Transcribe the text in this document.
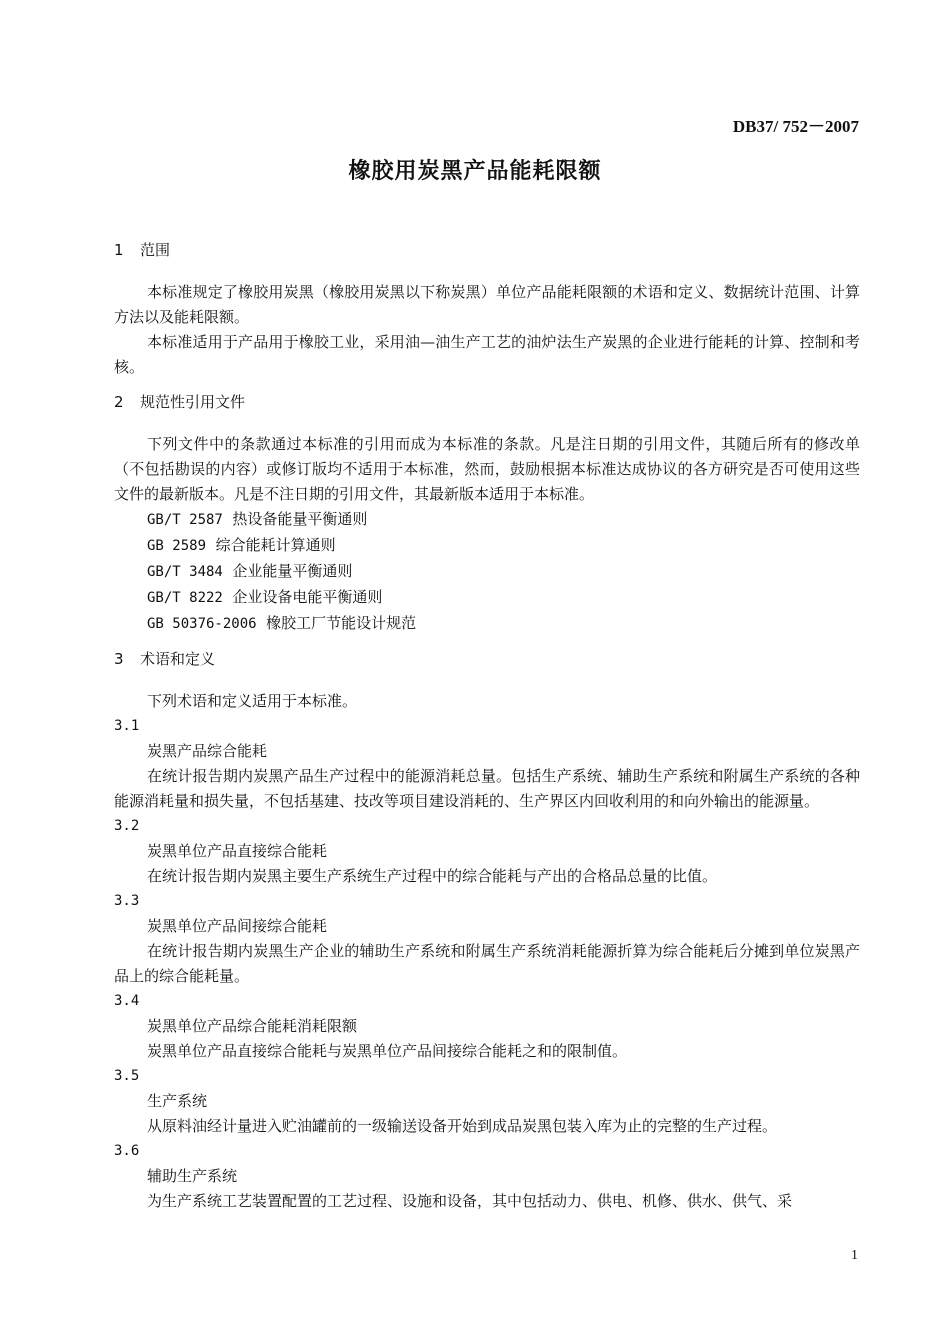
DB37/ 752－2007
橡胶用炭黑产品能耗限额

1 范围

本标准规定了橡胶用炭黑（橡胶用炭黑以下称炭黑）单位产品能耗限额的术语和定义、数据统计范围、计算方法以及能耗限额。

本标准适用于产品用于橡胶工业，采用油—油生产工艺的油炉法生产炭黑的企业进行能耗的计算、控制和考核。

2 规范性引用文件

下列文件中的条款通过本标准的引用而成为本标准的条款。凡是注日期的引用文件，其随后所有的修改单（不包括勘误的内容）或修订版均不适用于本标准，然而，鼓励根据本标准达成协议的各方研究是否可使用这些文件的最新版本。凡是不注日期的引用文件，其最新版本适用于本标准。

GB/T 2587 热设备能量平衡通则

GB 2589 综合能耗计算通则

GB/T 3484 企业能量平衡通则

GB/T 8222 企业设备电能平衡通则

GB 50376-2006 橡胶工厂节能设计规范

3 术语和定义

下列术语和定义适用于本标准。

3.1

炭黑产品综合能耗

在统计报告期内炭黑产品生产过程中的能源消耗总量。包括生产系统、辅助生产系统和附属生产系统的各种能源消耗量和损失量，不包括基建、技改等项目建设消耗的、生产界区内回收利用的和向外输出的能源量。

3.2

炭黑单位产品直接综合能耗

在统计报告期内炭黑主要生产系统生产过程中的综合能耗与产出的合格品总量的比值。

3.3

炭黑单位产品间接综合能耗

在统计报告期内炭黑生产企业的辅助生产系统和附属生产系统消耗能源折算为综合能耗后分摊到单位炭黑产品上的综合能耗量。

3.4

炭黑单位产品综合能耗消耗限额

炭黑单位产品直接综合能耗与炭黑单位产品间接综合能耗之和的限制值。

3.5

生产系统

从原料油经计量进入贮油罐前的一级输送设备开始到成品炭黑包装入库为止的完整的生产过程。

3.6

辅助生产系统

为生产系统工艺装置配置的工艺过程、设施和设备，其中包括动力、供电、机修、供水、供气、采

1
